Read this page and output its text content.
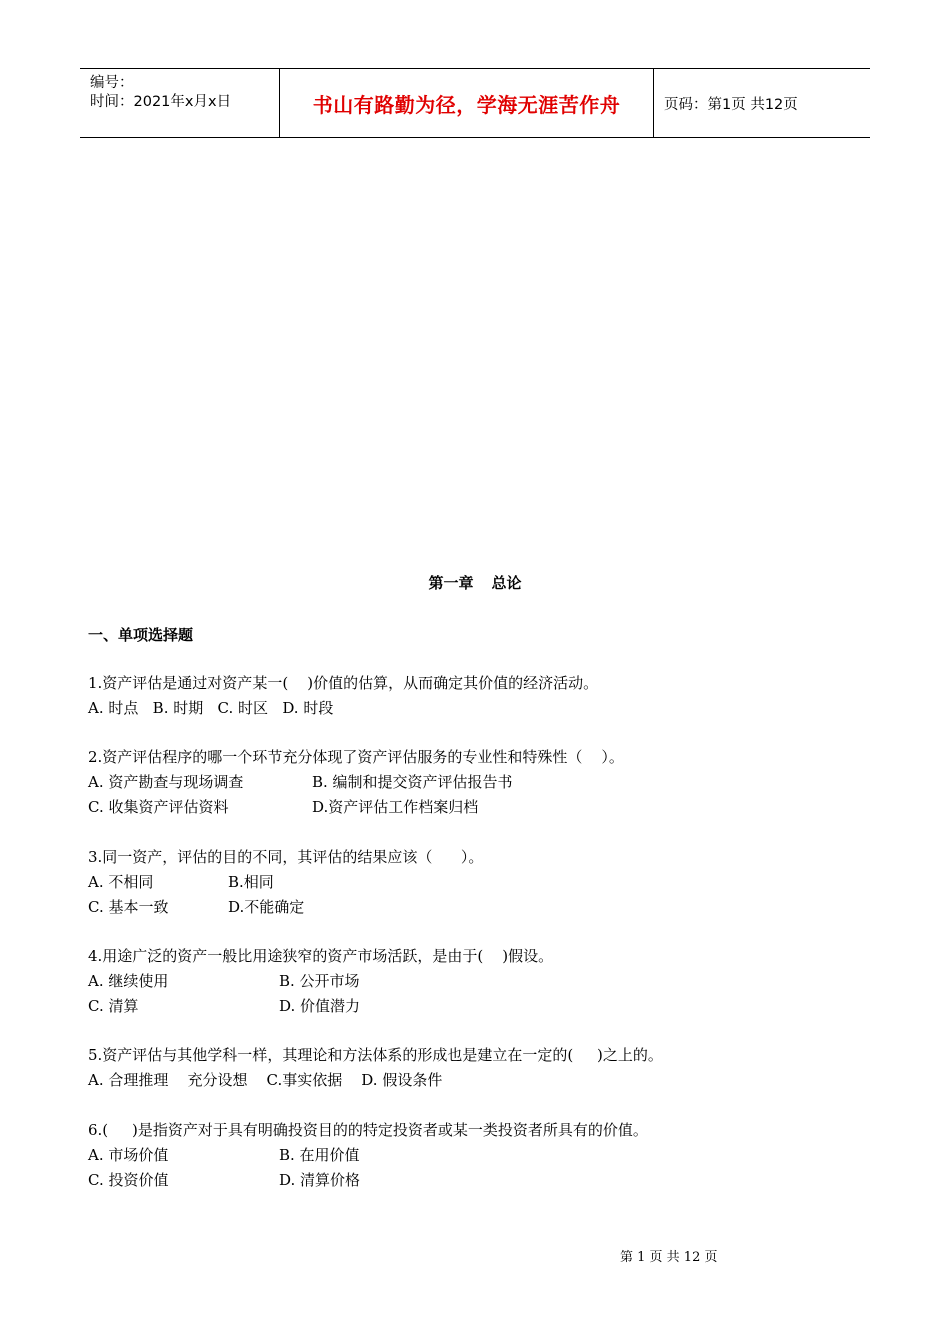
编号：
时间：2021年x月x日	书山有路勤为径，学海无涯苦作舟	页码：第1页 共12页
第一章 总论
一、单项选择题
1.资产评估是通过对资产某一(    )价值的估算，从而确定其价值的经济活动。
A. 时点   B. 时期   C. 时区   D. 时段
2.资产评估程序的哪一个环节充分体现了资产评估服务的专业性和特殊性（    ）。
A. 资产勘查与现场调查	B. 编制和提交资产评估报告书
C. 收集资产评估资料	D.资产评估工作档案归档
3.同一资产，评估的目的不同，其评估的结果应该（      ）。
A. 不相同	B.相同
C. 基本一致	D.不能确定
4.用途广泛的资产一般比用途狭窄的资产市场活跃，是由于(    )假设。
A. 继续使用	B. 公开市场
C. 清算	D. 价值潜力
5.资产评估与其他学科一样，其理论和方法体系的形成也是建立在一定的(     )之上的。
A. 合理推理    充分设想    C.事实依据    D. 假设条件
6.(     )是指资产对于具有明确投资目的的特定投资者或某一类投资者所具有的价值。
A. 市场价值	B. 在用价值
C. 投资价值	D. 清算价格
第 1 页 共 12 页
